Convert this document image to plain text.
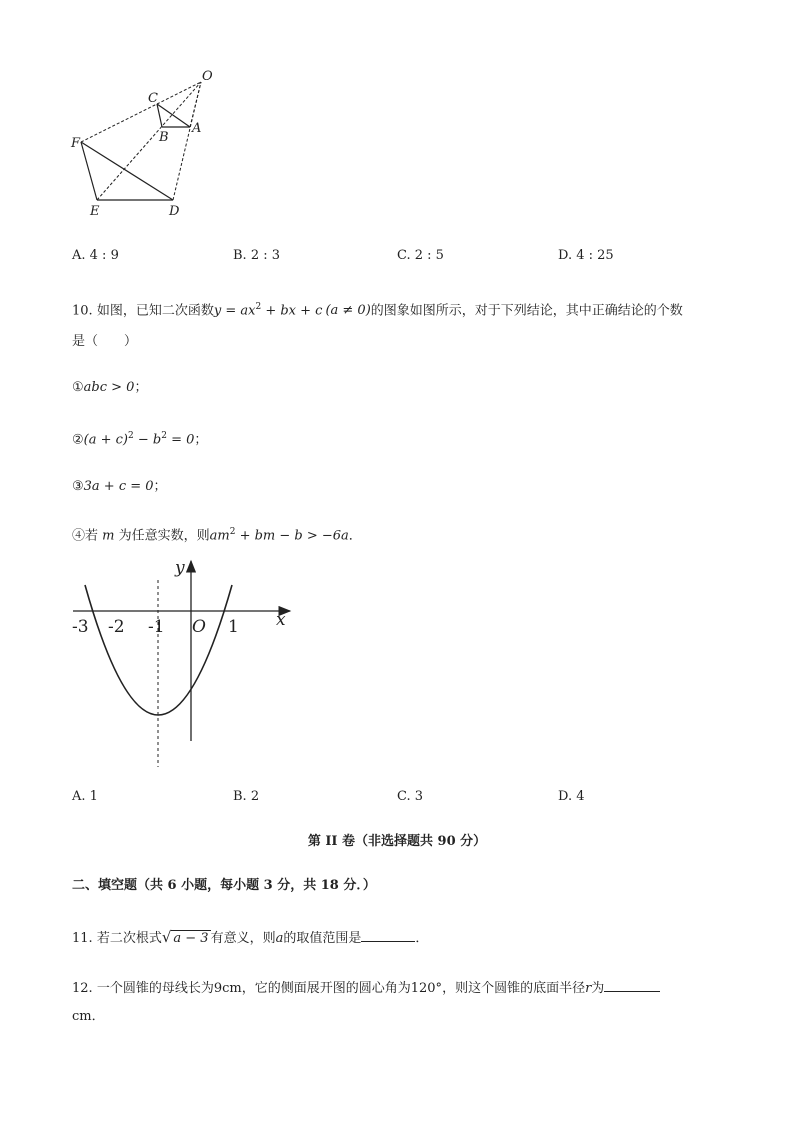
O
C
A
B
F
E	D
A. 4 : 9	B. 2 : 3	C. 2 : 5	D. 4 : 25
10. 如图，已知二次函数$y = ax^2$ + bx + c (a ≠ 0)的图象如图所示，对于下列结论，其中正确结论的个数
是（　　）
①abc > 0；
②(a + $c)^2 - b^2 = 0$；
③3a + c = 0；
④若 m 为任意实数，则$am^2$ + bm − b > −6a．
y
x
O
-3 -2 -1	1
A. 1	B. 2	C. 3	D. 4
第 II 卷（非选择题共 90 分）
二、填空题（共 6 小题，每小题 3 分，共 18 分．）
11. 若二次根式√ a − 3 有意义，则a的取值范围是	．
12. 一个圆锥的母线长为9cm，它的侧面展开图的圆心角为120°，则这个圆锥的底面半径r为
cm．
